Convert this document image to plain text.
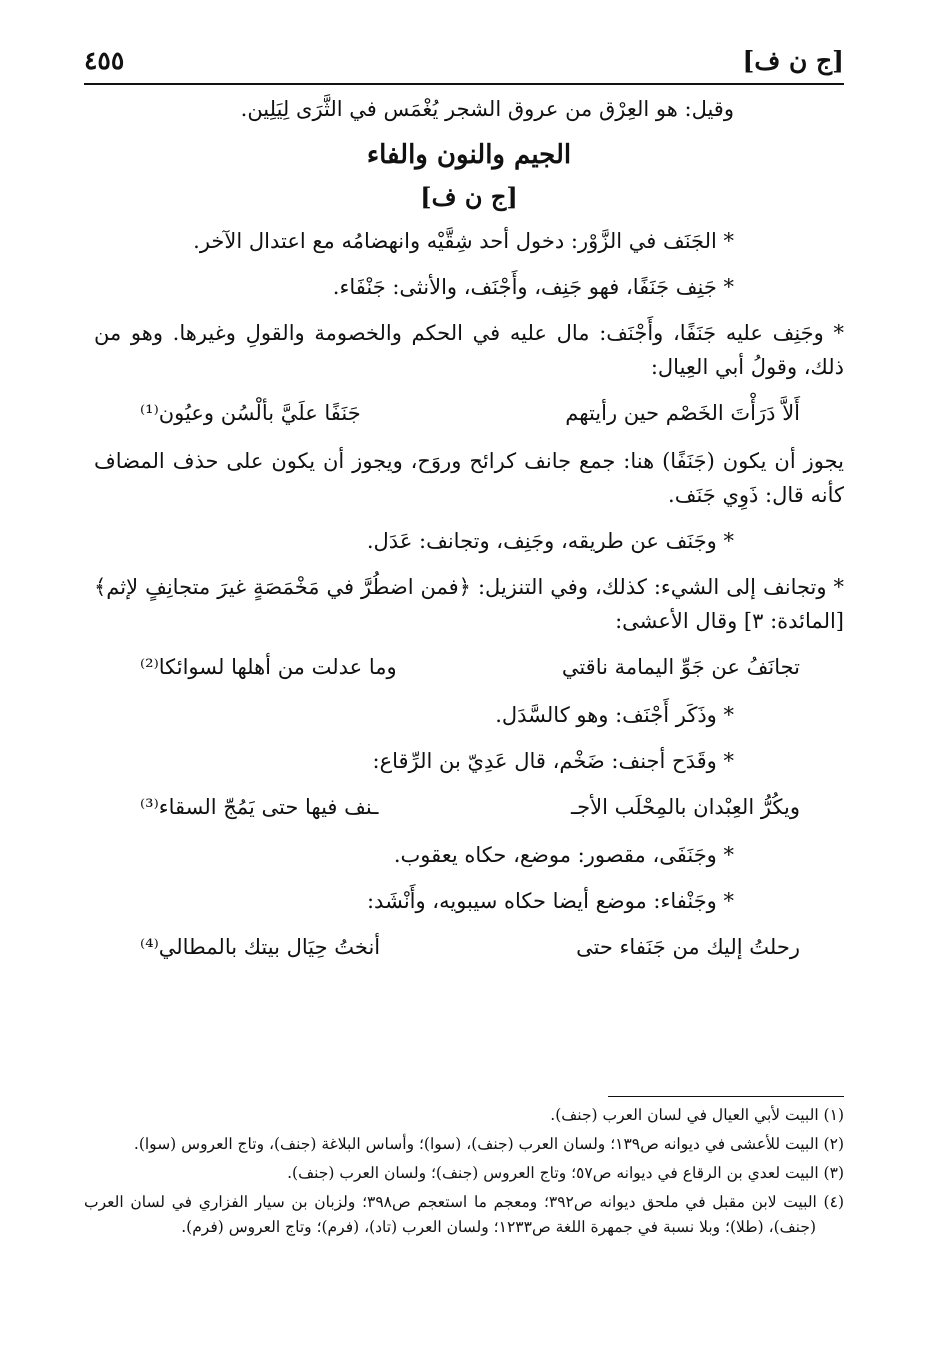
[ج ن ف]
٤٥٥

وقيل: هو العِرْق من عروق الشجر يُغْمَس في الثَّرَى لِيَلِين.

الجيم والنون والفاء
[ج ن ف]

* الجَنَف في الزَّوْر: دخول أحد شِقَّيْه وانهضامُه مع اعتدال الآخر.

* جَنِف جَنَفًا، فهو جَنِف، وأَجْنَف، والأنثى: جَنْفَاء.

* وجَنِف عليه جَنَفًا، وأَجْنَف: مال عليه في الحكم والخصومة والقولِ وغيرها. وهو من ذلك، وقولُ أبي العِيال:

أَلاَّ دَرَأْتَ الخَصْم حين رأيتهم
جَنَفًا علَيَّ بألْسُن وعيُون⁽¹⁾

يجوز أن يكون (جَنَفًا) هنا: جمع جانف كرائح وروَح، ويجوز أن يكون على حذف المضاف كأنه قال: ذَوِي جَنَف.

* وجَنَف عن طريقه، وجَنِف، وتجانف: عَدَل.

* وتجانف إلى الشيء: كذلك، وفي التنزيل: ﴿فمن اضطُرَّ في مَخْمَصَةٍ غيرَ متجانِفٍ لإثم﴾ [المائدة: ٣] وقال الأعشى:

تجانَفُ عن جَوِّ اليمامة ناقتي
وما عدلت من أهلها لسوائكا⁽²⁾

* وذَكَر أَجْنَف: وهو كالسَّدَل.

* وقَدَح أجنف: ضَخْم، قال عَدِيّ بن الرِّقاع:

ويكُرُّ العِبْدان بالمِحْلَب الأجـ
ـنف فيها حتى يَمُجّ السقاء⁽³⁾

* وجَنَفَى، مقصور: موضع، حكاه يعقوب.

* وجَنْفاء: موضع أيضا حكاه سيبويه، وأَنْشَد:

رحلتُ إليك من جَنَفاء حتى
أنختُ حِيَال بيتك بالمطالي⁽⁴⁾

(١) البيت لأبي العيال في لسان العرب (جنف).

(٢) البيت للأعشى في ديوانه ص١٣٩؛ ولسان العرب (جنف)، (سوا)؛ وأساس البلاغة (جنف)، وتاج العروس (سوا).

(٣) البيت لعدي بن الرقاع في ديوانه ص٥٧؛ وتاج العروس (جنف)؛ ولسان العرب (جنف).

(٤) البيت لابن مقبل في ملحق ديوانه ص٣٩٢؛ ومعجم ما استعجم ص٣٩٨؛ ولزبان بن سيار الفزاري في لسان العرب (جنف)، (طلا)؛ وبلا نسبة في جمهرة اللغة ص١٢٣٣؛ ولسان العرب (تاد)، (فرم)؛ وتاج العروس (فرم).
